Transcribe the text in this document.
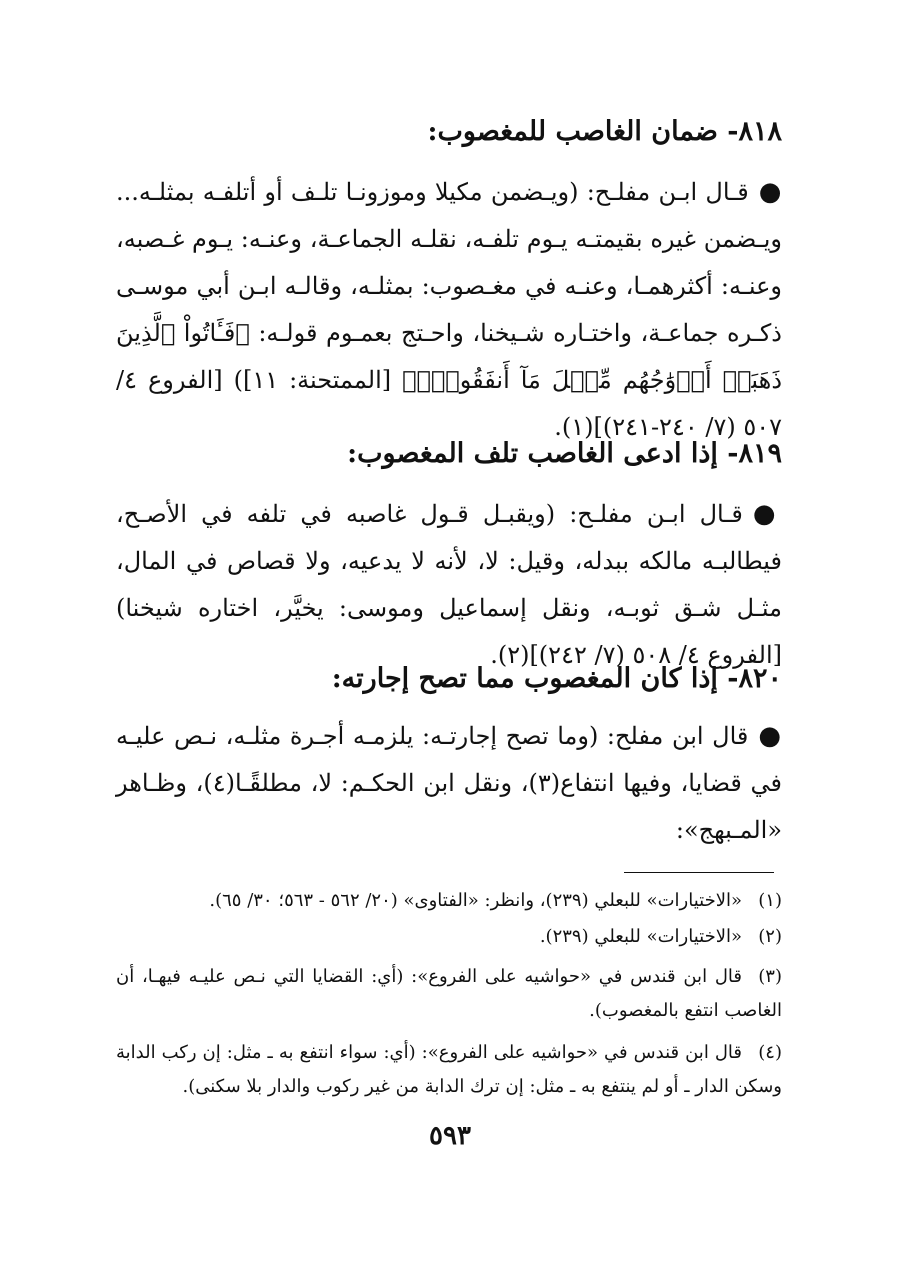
٨١٨- ضمان الغاصب للمغصوب:
●قـال ابـن مفلـح: (ويـضمن مكيلا وموزونـا تلـف أو أتلفـه بمثلـه... ويـضمن غيره بقيمتـه يـوم تلفـه، نقلـه الجماعـة، وعنـه: يـوم غـصبه، وعنـه: أكثرهمـا، وعنـه في مغـصوب: بمثلـه، وقالـه ابـن أبي موسـى ذكـره جماعـة، واختـاره شـيخنا، واحـتج بعمـوم قولـه: ﴿فَـَٔاتُواْ ٱلَّذِينَ ذَهَبَتۡ أَزۡوَٰجُهُم مِّثۡلَ مَآ أَنفَقُواْۚ﴾ [الممتحنة: ١١]) [الفروع ٤/ ٥٠٧ (٧/ ٢٤٠-٢٤١)](١).
٨١٩- إذا ادعى الغاصب تلف المغصوب:
●قـال ابـن مفلـح: (ويقبـل قـول غاصبه في تلفه في الأصـح، فيطالبـه مالكه ببدله، وقيل: لا، لأنه لا يدعيه، ولا قصاص في المال، مثـل شـق ثوبـه، ونقل إسماعيل وموسى: يخيَّر، اختاره شيخنا) [الفروع ٤/ ٥٠٨ (٧/ ٢٤٢)](٢).
٨٢٠- إذا كان المغصوب مما تصح إجارته:
●قال ابن مفلح: (وما تصح إجارتـه: يلزمـه أجـرة مثلـه، نـص عليـه في قضايا، وفيها انتفاع(٣)، ونقل ابن الحكـم: لا، مطلقًـا(٤)، وظـاهر «المـبهج»:
(١)«الاختيارات» للبعلي (٢٣٩)، وانظر: «الفتاوى» (٢٠/ ٥٦٢ - ٥٦٣؛ ٣٠/ ٦٥).
(٢)«الاختيارات» للبعلي (٢٣٩).
(٣)قال ابن قندس في «حواشيه على الفروع»: (أي: القضايا التي نـص عليـه فيهـا، أن الغاصب انتفع بالمغصوب).
(٤)قال ابن قندس في «حواشيه على الفروع»: (أي: سواء انتفع به ـ مثل: إن ركب الدابة وسكن الدار ـ أو لم ينتفع به ـ مثل: إن ترك الدابة من غير ركوب والدار بلا سكنى).
٥٩٣
